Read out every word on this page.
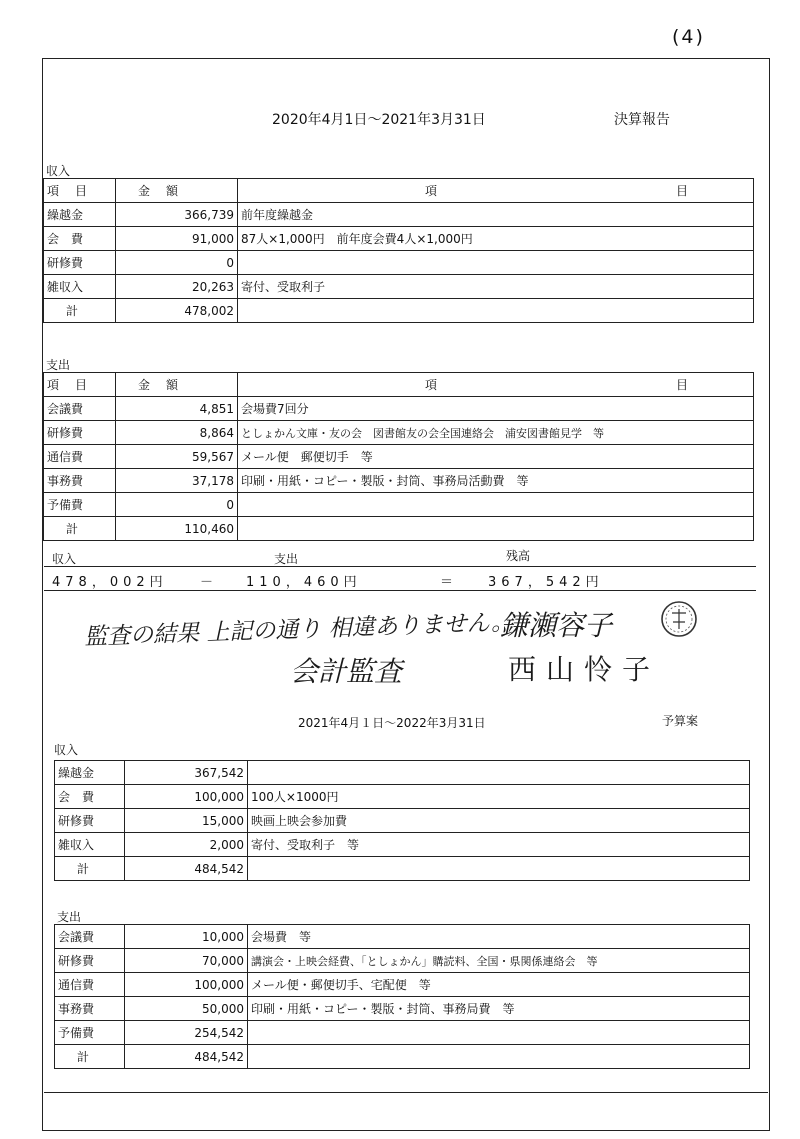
(4)
2020年4月1日～2021年3月31日	決算報告
収入
項　目	金　額	項 目

繰越金	366,739	前年度繰越金
会　費	91,000	87人×1,000円　前年度会費4人×1,000円
研修費	0	
雑収入	20,263	寄付、受取利子
計	478,002	
支出
項　目	金　額	項 目

会議費	4,851	会場費7回分
研修費	8,864	としょかん文庫・友の会　図書館友の会全国連絡会　浦安図書館見学　等
通信費	59,567	メール便　郵便切手　等
事務費	37,178	印刷・用紙・コピー・製版・封筒、事務局活動費　等
予備費	0	
計	110,460	
収入	支出	残高
478，002円 － 110，460円	＝ 367，542円
監査の結果 上記の通り 相違ありません。
鎌瀬容子
会計監査	西山怜子
2021年4月１日～2022年3月31日	予算案
収入
繰越金	367,542	
会　費	100,000	100人×1000円
研修費	15,000	映画上映会参加費
雑収入	2,000	寄付、受取利子　等
計	484,542	
支出
会議費	10,000	会場費　等
研修費	70,000	講演会・上映会経費、「としょかん」購読料、全国・県関係連絡会　等
通信費	100,000	メール便・郵便切手、宅配便　等
事務費	50,000	印刷・用紙・コピー・製版・封筒、事務局費　等
予備費	254,542	
計	484,542	
